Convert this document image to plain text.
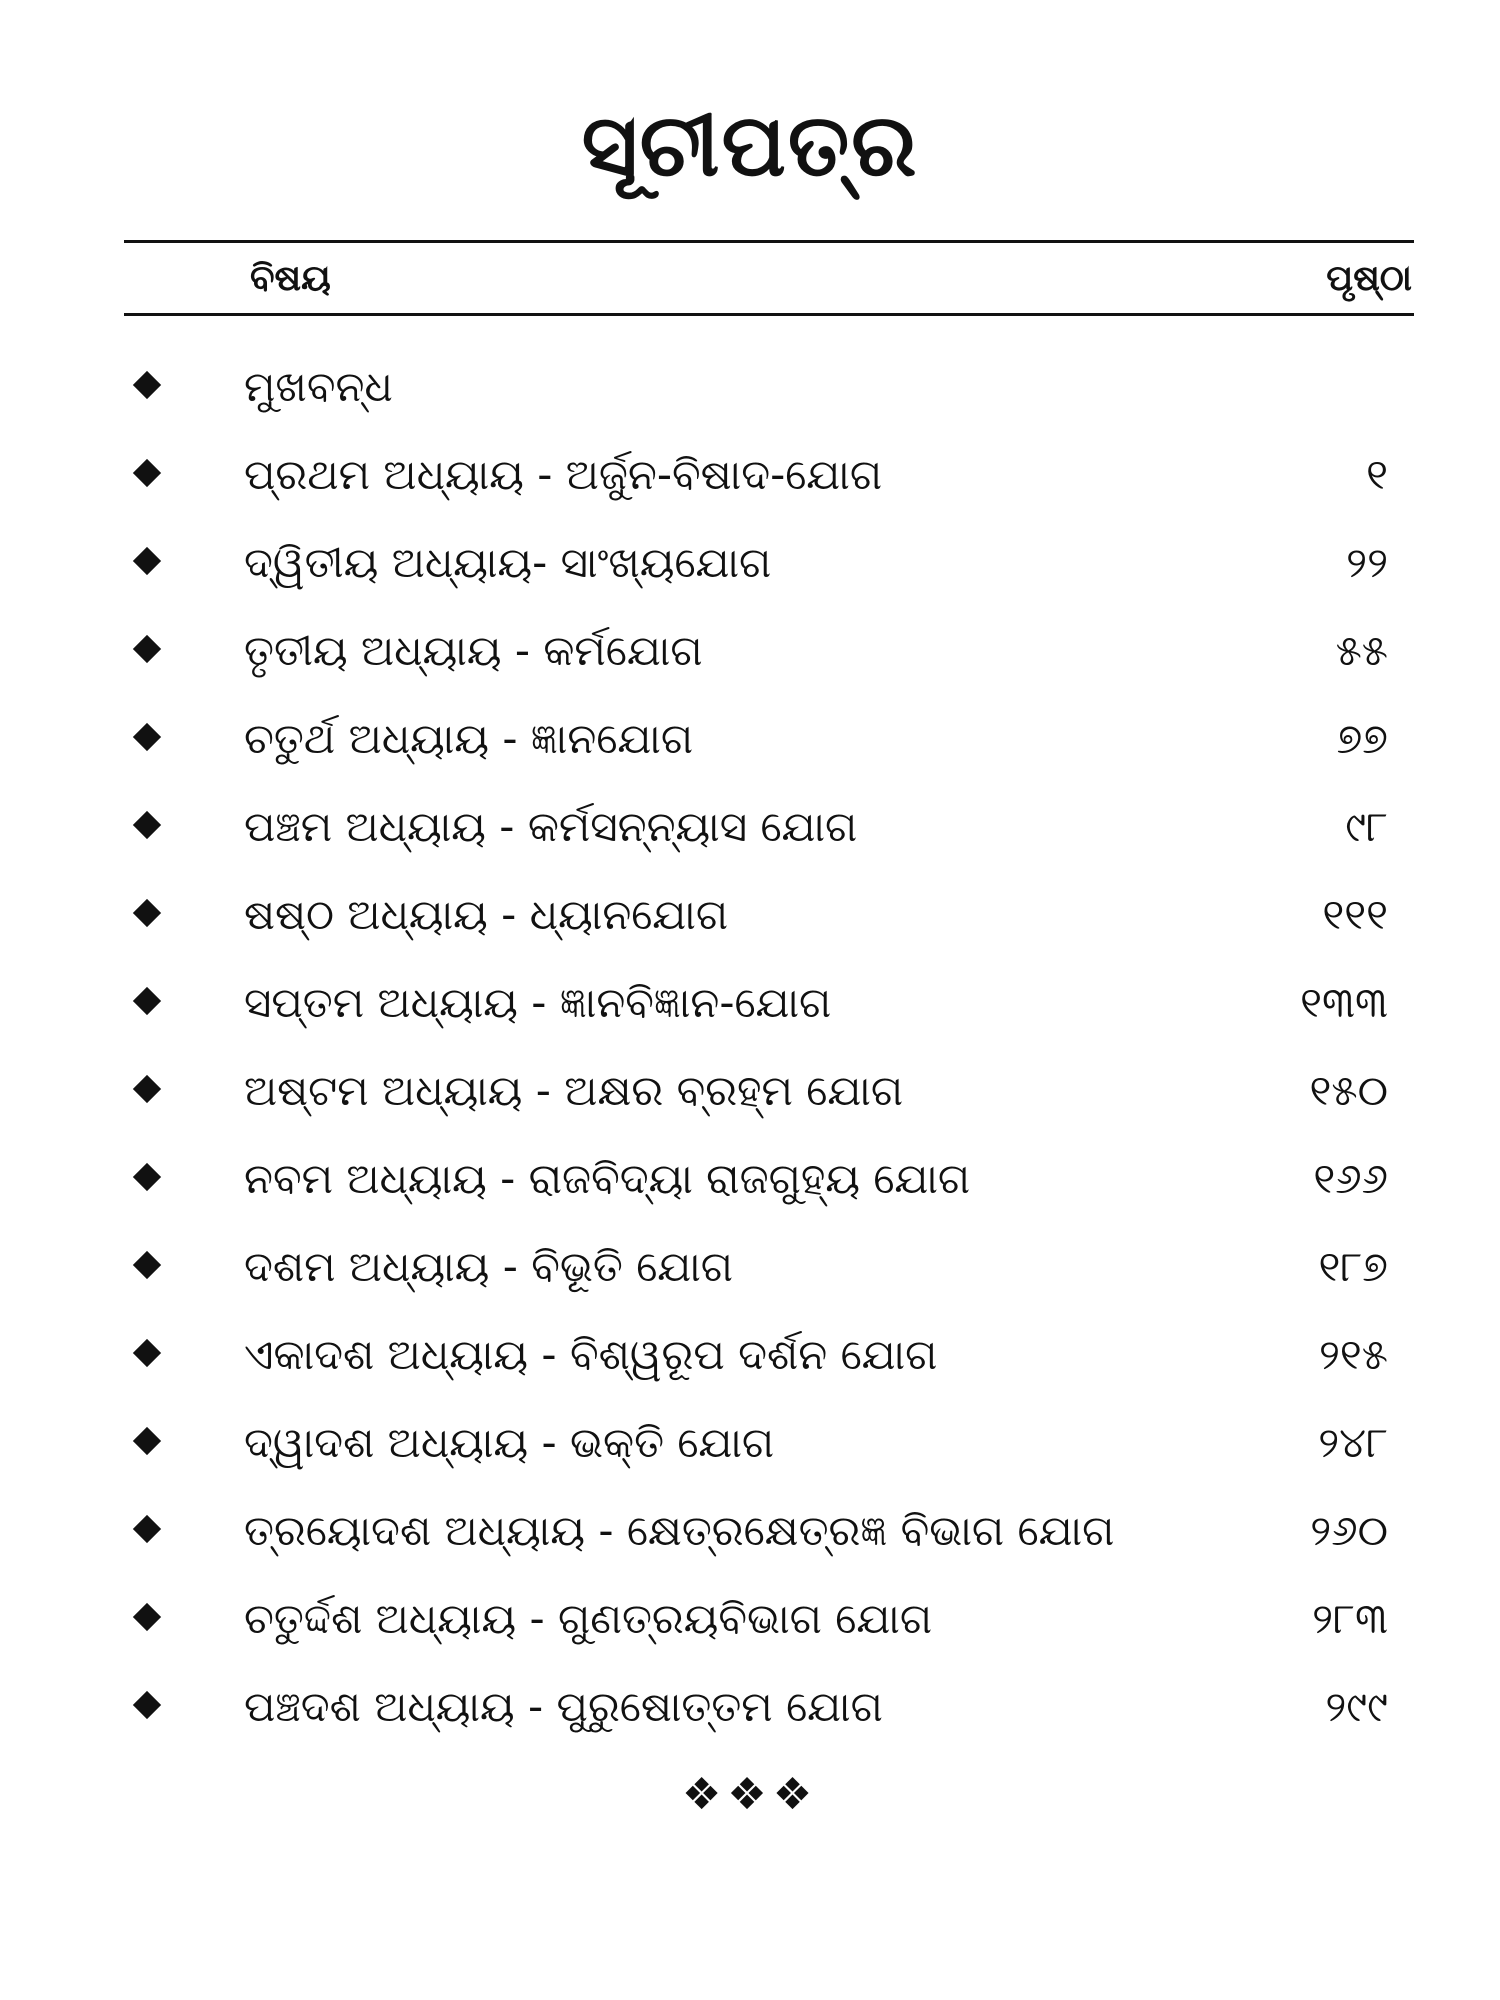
ସୂଚୀପତ୍ର
ବିଷୟ	ପୃଷ୍ଠା
ମୁଖବନ୍ଧ
ପ୍ରଥମ ଅଧ୍ୟାୟ - ଅର୍ଜୁନ-ବିଷାଦ-ଯୋଗ	୧
ଦ୍ୱିତୀୟ ଅଧ୍ୟାୟ- ସାଂଖ୍ୟଯୋଗ	୨୨
ତୃତୀୟ ଅଧ୍ୟାୟ - କର୍ମଯୋଗ	୫୫
ଚତୁର୍ଥ ଅଧ୍ୟାୟ - ଜ୍ଞାନଯୋଗ	୭୭
ପଞ୍ଚମ ଅଧ୍ୟାୟ - କର୍ମସନ୍ନ୍ୟାସ ଯୋଗ	୯୮
ଷଷ୍ଠ ଅଧ୍ୟାୟ - ଧ୍ୟାନଯୋଗ	୧୧୧
ସପ୍ତମ ଅଧ୍ୟାୟ - ଜ୍ଞାନବିଜ୍ଞାନ-ଯୋଗ	୧୩୩
ଅଷ୍ଟମ ଅଧ୍ୟାୟ - ଅକ୍ଷର ବ୍ରହ୍ମ ଯୋଗ	୧୫୦
ନବମ ଅଧ୍ୟାୟ - ରାଜବିଦ୍ୟା ରାଜଗୁହ୍ୟ ଯୋଗ	୧୬୬
ଦଶମ ଅଧ୍ୟାୟ - ବିଭୂତି ଯୋଗ	୧୮୭
ଏକାଦଶ ଅଧ୍ୟାୟ - ବିଶ୍ୱରୂପ ଦର୍ଶନ ଯୋଗ	୨୧୫
ଦ୍ୱାଦଶ ଅଧ୍ୟାୟ - ଭକ୍ତି ଯୋଗ	୨୪୮
ତ୍ରୟୋଦଶ ଅଧ୍ୟାୟ - କ୍ଷେତ୍ରକ୍ଷେତ୍ରଜ୍ଞ ବିଭାଗ ଯୋଗ	୨୬୦
ଚତୁର୍ଦ୍ଦଶ ଅଧ୍ୟାୟ - ଗୁଣତ୍ରୟବିଭାଗ ଯୋଗ	୨୮୩
ପଞ୍ଚଦଶ ଅଧ୍ୟାୟ - ପୁରୁଷୋତ୍ତମ ଯୋଗ	୨୯୯
❖❖❖
